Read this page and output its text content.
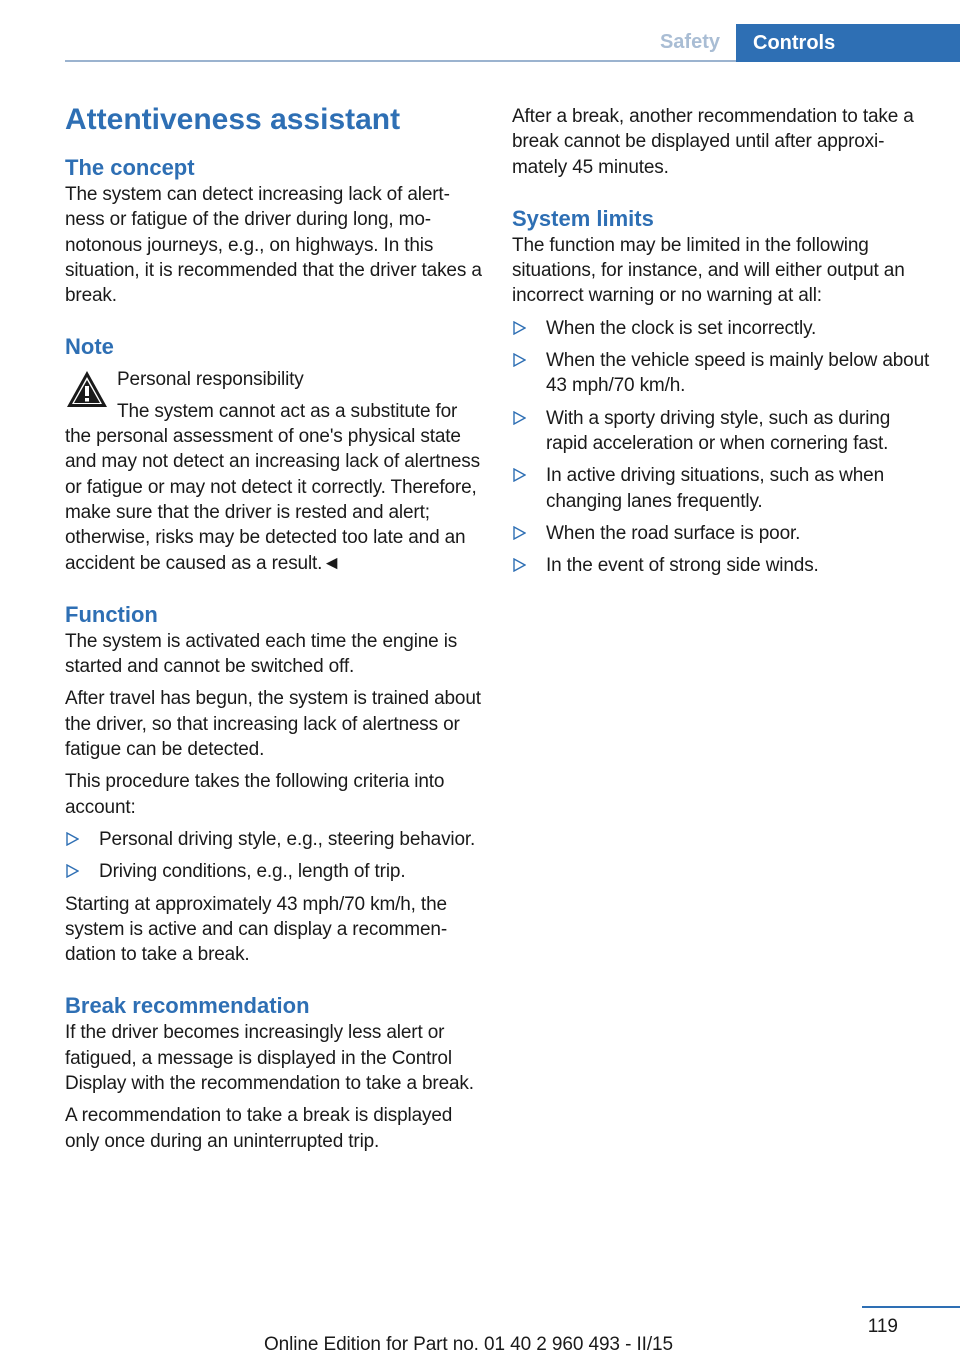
Safety	Controls
Attentiveness assistant
The concept

The system can detect increasing lack of alertness or fatigue of the driver during long, monotonous journeys, e.g., on highways. In this situation, it is recommended that the driver takes a break.

Note

Personal responsibility

The system cannot act as a substitute for the personal assessment of one's physical state and may not detect an increasing lack of alertness or fatigue or may not detect it correctly. Therefore, make sure that the driver is rested and alert; otherwise, risks may be detected too late and an accident be caused as a result.◄

Function

The system is activated each time the engine is started and cannot be switched off.

After travel has begun, the system is trained about the driver, so that increasing lack of alertness or fatigue can be detected.

This procedure takes the following criteria into account:

Personal driving style, e.g., steering behavior.
Driving conditions, e.g., length of trip.

Starting at approximately 43 mph/70 km/h, the system is active and can display a recommendation to take a break.

Break recommendation

If the driver becomes increasingly less alert or fatigued, a message is displayed in the Control Display with the recommendation to take a break.

A recommendation to take a break is displayed only once during an uninterrupted trip.

After a break, another recommendation to take a break cannot be displayed until after approximately 45 minutes.

System limits

The function may be limited in the following situations, for instance, and will either output an incorrect warning or no warning at all:

When the clock is set incorrectly.
When the vehicle speed is mainly below about 43 mph/70 km/h.
With a sporty driving style, such as during rapid acceleration or when cornering fast.
In active driving situations, such as when changing lanes frequently.
When the road surface is poor.
In the event of strong side winds.
119
Online Edition for Part no. 01 40 2 960 493 - II/15
